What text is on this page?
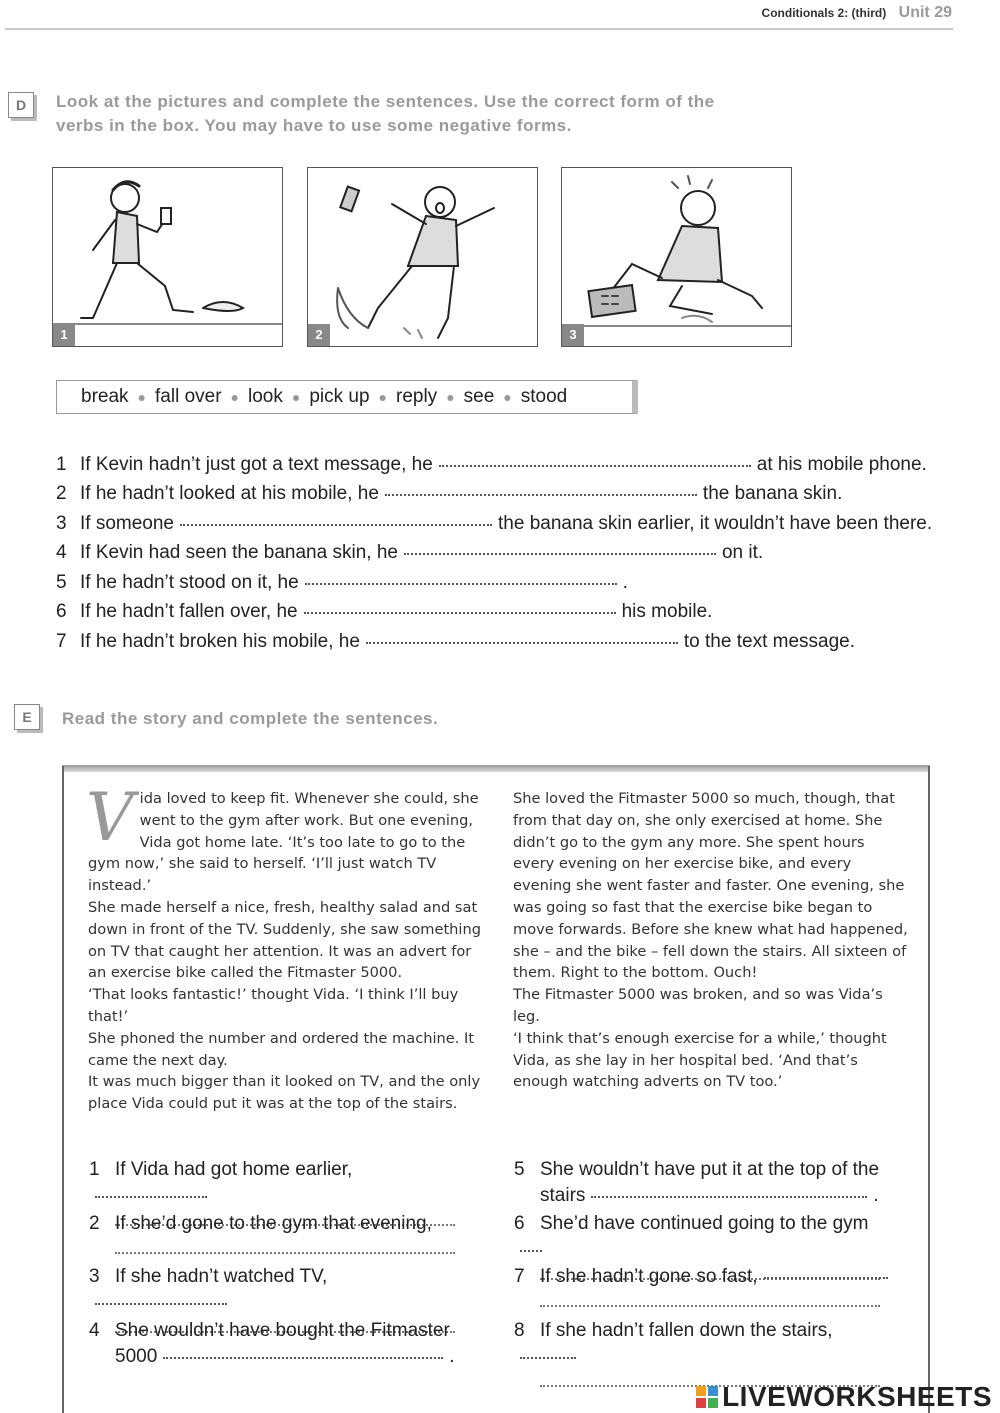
Conditionals 2: (third) Unit 29
D	Look at the pictures and complete the sentences. Use the correct form of the
verbs in the box. You may have to use some negative forms.
1	2	3
break ● fall over ● look ● pick up ● reply ● see ● stood
1 If Kevin hadn’t just got a text message, he	at his mobile phone.
2 If he hadn’t looked at his mobile, he	the banana skin.
3 If someone	the banana skin earlier, it wouldn’t have been there.
4 If Kevin had seen the banana skin, he	on it.
5 If he hadn’t stood on it, he	.
6 If he hadn’t fallen over, he	his mobile.
7 If he hadn’t broken his mobile, he	to the text message.
E	Read the story and complete the sentences.
V ida loved to keep fit. Whenever she could, she went to the gym after work. But one evening, Vida got home late. ‘It’s too late to go to the gym now,’ she said to herself. ‘I’ll just watch TV instead.’

She made herself a nice, fresh, healthy salad and sat down in front of the TV. Suddenly, she saw something on TV that caught her attention. It was an advert for an exercise bike called the Fitmaster 5000.

‘That looks fantastic!’ thought Vida. ‘I think I’ll buy that!’

She phoned the number and ordered the machine. It came the next day.

It was much bigger than it looked on TV, and the only place Vida could put it was at the top of the stairs.

She loved the Fitmaster 5000 so much, though, that from that day on, she only exercised at home. She didn’t go to the gym any more. She spent hours every evening on her exercise bike, and every evening she went faster and faster. One evening, she was going so fast that the exercise bike began to move forwards. Before she knew what had happened, she – and the bike – fell down the stairs. All sixteen of them. Right to the bottom. Ouch!

The Fitmaster 5000 was broken, and so was Vida’s leg.

‘I think that’s enough exercise for a while,’ thought Vida, as she lay in her hospital bed. ‘And that’s enough watching adverts on TV too.’

1 If Vida had got home earlier,
2 If she’d gone to the gym that evening,
3 If she hadn’t watched TV,
4 She wouldn’t have bought the Fitmaster
5000	.
5 She wouldn’t have put it at the top of the
stairs	.
6 She’d have continued going to the gym
7 If she hadn’t gone so fast,
8 If she hadn’t fallen down the stairs,
LIVEWORKSHEETS
